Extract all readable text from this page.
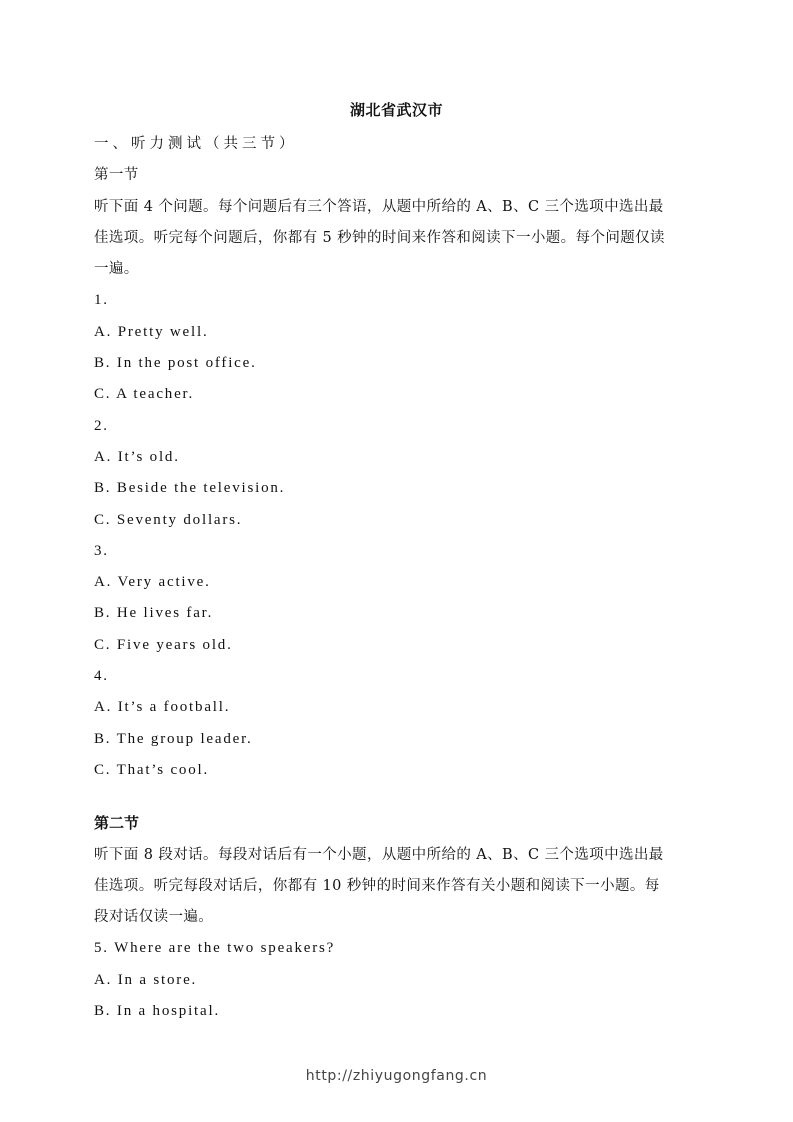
湖北省武汉市
一、听力测试（共三节）
第一节
听下面 4 个问题。每个问题后有三个答语，从题中所给的 A、B、C 三个选项中选出最
佳选项。听完每个问题后，你都有 5 秒钟的时间来作答和阅读下一小题。每个问题仅读
一遍。
1.
A. Pretty well.
B. In the post office.
C. A teacher.
2.
A. It’s old.
B. Beside the television.
C. Seventy dollars.
3.
A. Very active.
B. He lives far.
C. Five years old.
4.
A. It’s a football.
B. The group leader.
C. That’s cool.
第二节
听下面 8 段对话。每段对话后有一个小题，从题中所给的 A、B、C 三个选项中选出最
佳选项。听完每段对话后，你都有 10 秒钟的时间来作答有关小题和阅读下一小题。每
段对话仅读一遍。
5. Where are the two speakers?
A. In a store.
B. In a hospital.
http://zhiyugongfang.cn
